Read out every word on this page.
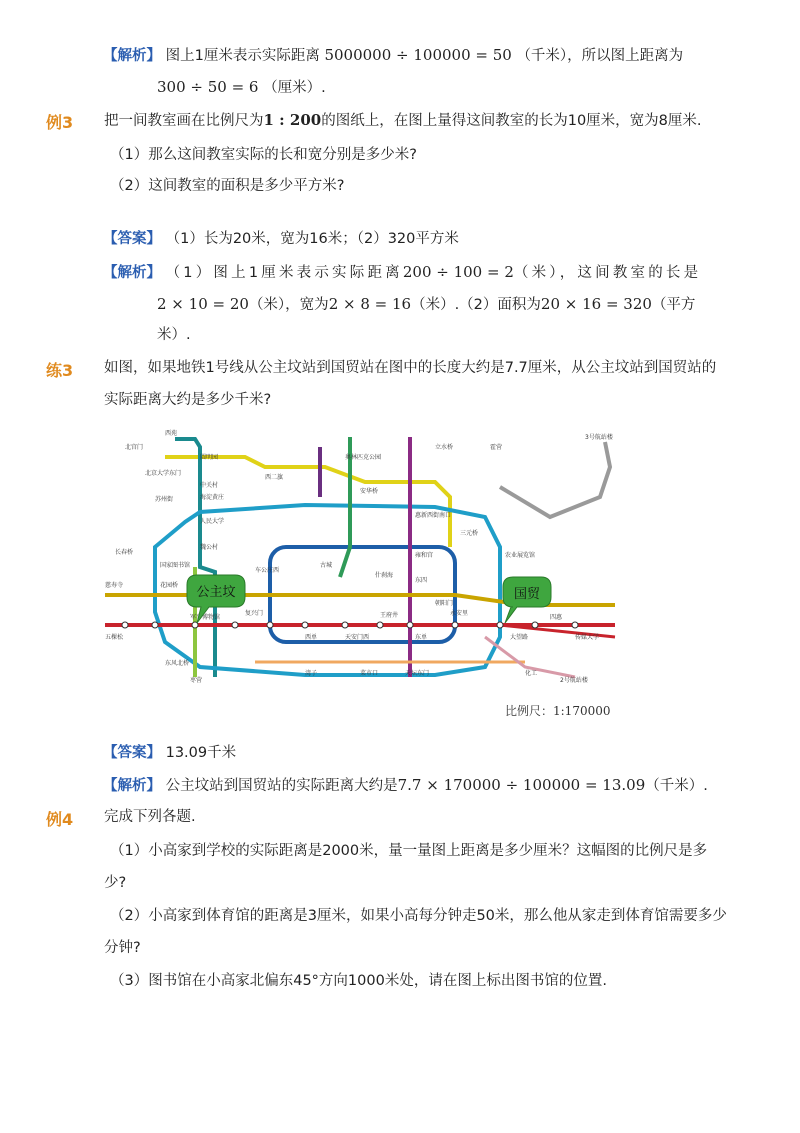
【解析】 图上1厘米表示实际距离 5000000 ÷ 100000 = 50 （千米），所以图上距离为
300 ÷ 50 = 6 （厘米）.
例3 把一间教室画在比例尺为1 : 200的图纸上，在图上量得这间教室的长为10厘米，宽为8厘米.
（1）那么这间教室实际的长和宽分别是多少米?
（2）这间教室的面积是多少平方米?
【答案】 （1）长为20米，宽为16米；（2）320平方米
【解析】 （1）图上1厘米表示实际距离200 ÷ 100 = 2（米），这间教室的长是
2 × 10 = 20（米），宽为2 × 8 = 16（米）.（2）面积为20 × 16 = 320（平方
米）.
练3 如图，如果地铁1号线从公主坟站到国贸站在图中的长度大约是7.7厘米，从公主坟站到国贸站的
实际距离大约是多少千米?
西苑
北宫门
圆明园
北京大学东门
中关村
海淀黄庄
苏州街
人民大学
魏公村
国家图书馆
长春桥
慈寿寺	花园桥
车公庄西
古城
复兴门
五棵松
军事博物馆
西单	天安门西
王府井
东单
永安里
大望路
四惠
传媒大学
立水桥	霍营
奥林匹克公园
西二旗
安华桥
惠新西街南口
三元桥
农业展览馆
雍和宫
什刹海
东四
朝阳门
湾子	菜市口	天坛东门	化工
2号航站楼
3号航站楼
东风北桥
枣营
公主坟	国贸
比例尺：1:170000
【答案】 13.09千米
【解析】 公主坟站到国贸站的实际距离大约是7.7 × 170000 ÷ 100000 = 13.09（千米）.
例4 完成下列各题.
（1）小高家到学校的实际距离是2000米，量一量图上距离是多少厘米？这幅图的比例尺是多
少?
（2）小高家到体育馆的距离是3厘米，如果小高每分钟走50米，那么他从家走到体育馆需要多少
分钟?
（3）图书馆在小高家北偏东45°方向1000米处，请在图上标出图书馆的位置.
